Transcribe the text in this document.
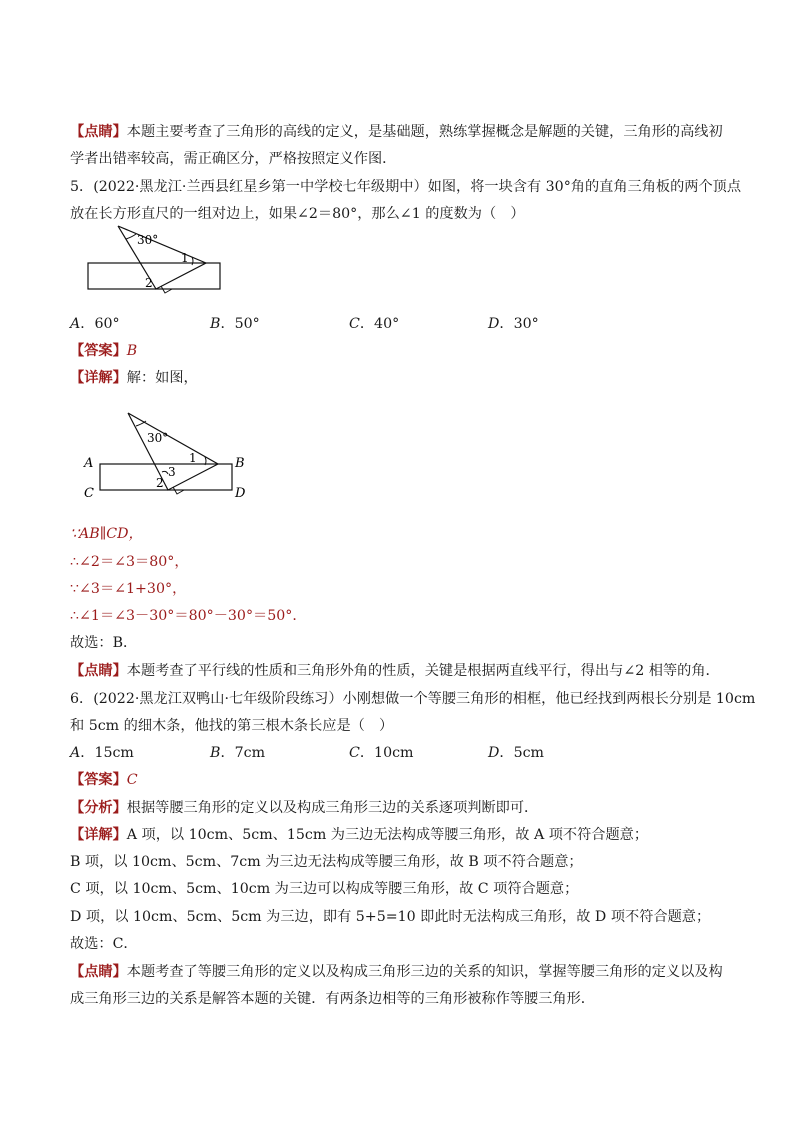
【点睛】本题主要考查了三角形的高线的定义，是基础题，熟练掌握概念是解题的关键，三角形的高线初
学者出错率较高，需正确区分，严格按照定义作图．
5．(2022·黑龙江·兰西县红星乡第一中学校七年级期中）如图，将一块含有 30°角的直角三角板的两个顶点
放在长方形直尺的一组对边上，如果∠2＝80°，那么∠1 的度数为（　）
30°
1
2
A．60°	B．50°	C．40°	D．30°
【答案】B
【详解】解：如图，
30°
1
3
2
A	B
C	D
∵AB∥CD，
∴∠2＝∠3＝80°，
∵∠3＝∠1+30°，
∴∠1＝∠3－30°＝80°－30°＝50°．
故选：B．
【点睛】本题考查了平行线的性质和三角形外角的性质，关键是根据两直线平行，得出与∠2 相等的角．
6．(2022·黑龙江双鸭山·七年级阶段练习）小刚想做一个等腰三角形的相框，他已经找到两根长分别是 10cm
和 5cm 的细木条，他找的第三根木条长应是（　）
A．15cm	B．7cm	C．10cm	D．5cm
【答案】C
【分析】根据等腰三角形的定义以及构成三角形三边的关系逐项判断即可．
【详解】A 项，以 10cm、5cm、15cm 为三边无法构成等腰三角形，故 A 项不符合题意；
B 项，以 10cm、5cm、7cm 为三边无法构成等腰三角形，故 B 项不符合题意；
C 项，以 10cm、5cm、10cm 为三边可以构成等腰三角形，故 C 项符合题意；
D 项，以 10cm、5cm、5cm 为三边，即有 5+5=10 即此时无法构成三角形，故 D 项不符合题意；
故选：C．
【点睛】本题考查了等腰三角形的定义以及构成三角形三边的关系的知识，掌握等腰三角形的定义以及构
成三角形三边的关系是解答本题的关键．有两条边相等的三角形被称作等腰三角形．
